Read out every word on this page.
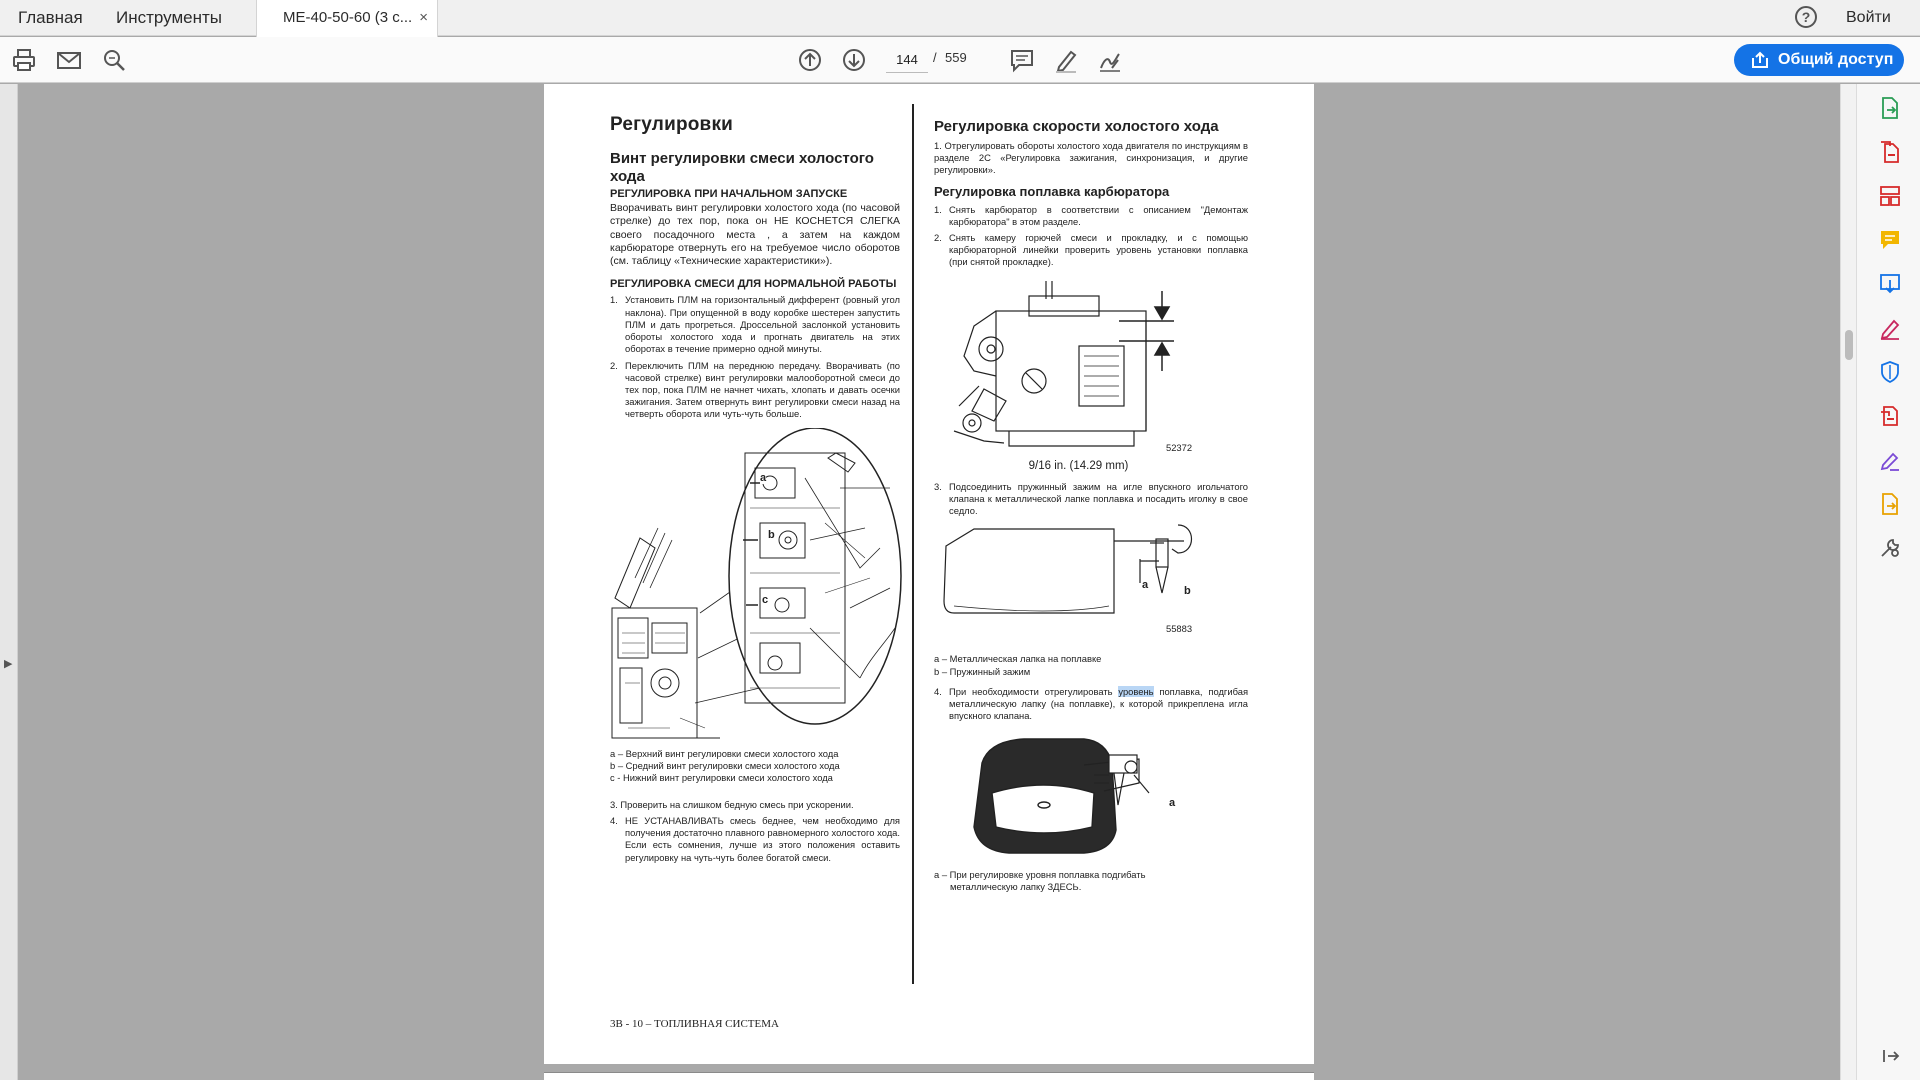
Главная Инструменты	ME-40-50-60 (3 с... ×	?	Войти
144
/ 559	Общий доступ
▶
Регулировки
Винт регулировки смеси холостого хода
РЕГУЛИРОВКА ПРИ НАЧАЛЬНОМ ЗАПУСКЕ
Вворачивать винт регулировки холостого хода (по часовой стрелке) до тех пор, пока он НЕ КОСНЕТСЯ СЛЕГКА своего посадочного места , а затем на каждом карбюраторе отвернуть его на требуемое число оборотов (см. таблицу «Технические характеристики»).
РЕГУЛИРОВКА СМЕСИ ДЛЯ НОРМАЛЬНОЙ РАБОТЫ
1. Установить ПЛМ на горизонтальный дифферент (ровный угол наклона). При опущенной в воду коробке шестерен запустить ПЛМ и дать прогреться. Дроссельной заслонкой установить обороты холостого хода и прогнать двигатель на этих оборотах в течение примерно одной минуты.
2. Переключить ПЛМ на переднюю передачу. Вворачивать (по часовой стрелке) винт регулировки малооборотной смеси до тех пор, пока ПЛМ не начнет чихать, хлопать и давать осечки зажигания. Затем отвернуть винт регулировки смеси назад на четверть оборота или чуть-чуть больше.
a
b
c
a – Верхний винт регулировки смеси холостого хода
b – Средний винт регулировки смеси холостого хода
c - Нижний винт регулировки смеси холостого хода
3. Проверить на слишком бедную смесь при ускорении.
4. НЕ УСТАНАВЛИВАТЬ смесь беднее, чем необходимо для получения достаточно плавного равномерного холостого хода. Если есть сомнения, лучше из этого положения оставить регулировку на чуть-чуть более богатой смеси.
Регулировка скорости холостого хода
1. Отрегулировать обороты холостого хода двигателя по инструкциям в разделе 2С «Регулировка зажигания, синхронизация, и другие регулировки».
Регулировка поплавка карбюратора
1. Снять карбюратор в соответствии с описанием "Демонтаж карбюратора" в этом разделе.
2. Снять камеру горючей смеси и прокладку, и с помощью карбюраторной линейки проверить уровень установки поплавка (при снятой прокладке).
52372
9/16 in. (14.29 mm)
3. Подсоединить пружинный зажим на игле впускного игольчатого клапана к металлической лапке поплавка и посадить иголку в свое седло.
a	b
55883
a – Металлическая лапка на поплавке
b – Пружинный зажим
4. При необходимости отрегулировать уровень поплавка, подгибая металлическую лапку (на поплавке), к которой прикреплена игла впускного клапана.
a
a – При регулировке уровня поплавка подгибать
металлическую лапку ЗДЕСЬ.
3B - 10 – ТОПЛИВНАЯ СИСТЕМА
